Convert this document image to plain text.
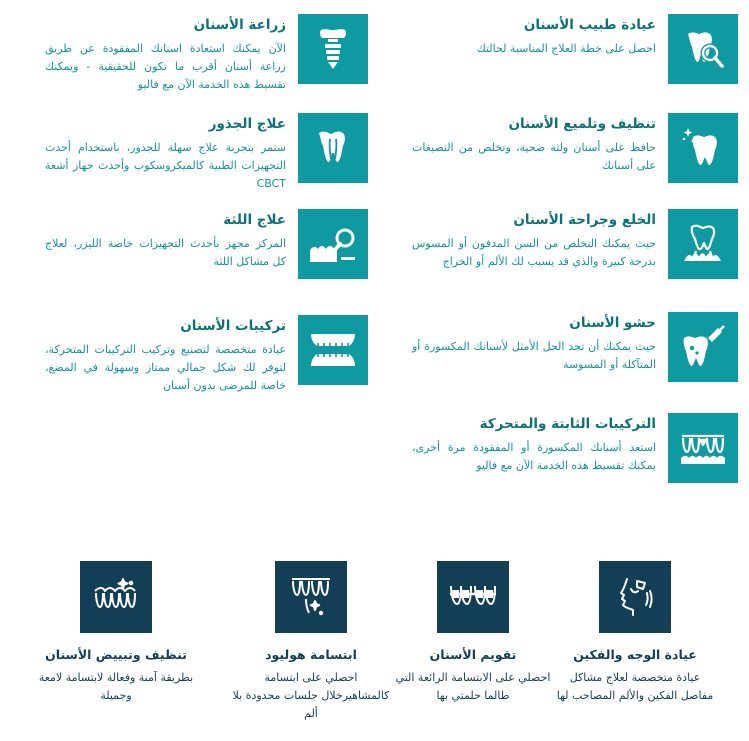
عيادة طبيب الأسنان

احصل على خطة العلاج المناسبة لحالتك

زراعة الأسنان

الآن يمكنك استعادة اسنانك المفقودة عن طريق زراعة أسنان أقرب ما تكون للحقيقية - ويمكنك تقسيط هذه الخدمة الآن مع فاليو

تنظيف وتلميع الأسنان

حافظ على أسنان ولثة صحية، وتخلص من التصبغات على أسنانك

علاج الجذور

ستمر بتجربة علاج سهلة للجذور، باستخدام أحدث التجهيزات الطبية كالميكروسكوب وأحدث جهاز أشعة CBCT

الخلع وجراحة الأسنان

حيث يمكنك التخلص من السن المدفون أو المسوس بدرجة كبيرة والذي قد يسبب لك الألم أو الخراج

علاج اللثة

المركز مجهز بأحدث التجهيزات خاصة الليزر، لعلاج كل مشاكل اللثة

حشو الأسنان

حيث يمكنك أن تجد الحل الأمثل لأسنانك المكسورة أو المتآكلة أو المسوسة

تركيبات الأسنان

عيادة متخصصة لتصنيع وتركيب التركيبات المتحركة، لتوفر لك شكل جمالي ممتاز وسهولة في المضغ، خاصة للمرضى بدون أسنان

التركيبات الثابتة والمتحركة

استعد أسنانك المكسورة أو المفقودة مرة أخرى، يمكنك تقسيط هذه الخدمة الآن مع فاليو

عيادة الوجه والفكين

عيادة متخصصة لعلاج مشاكل مفاصل الفكين والألم المصاحب لها

تقويم الأسنان

احصلي على الابتسامة الرائعة التي طالما حلمتي بها

ابتسامة هوليود

احصلي على ابتسامة كالمشاهيرخلال جلسات محدودة بلا ألم

تنظيف وتبييض الأسنان

بطريقة آمنة وفعالة لابتسامة لامعة وجميلة
